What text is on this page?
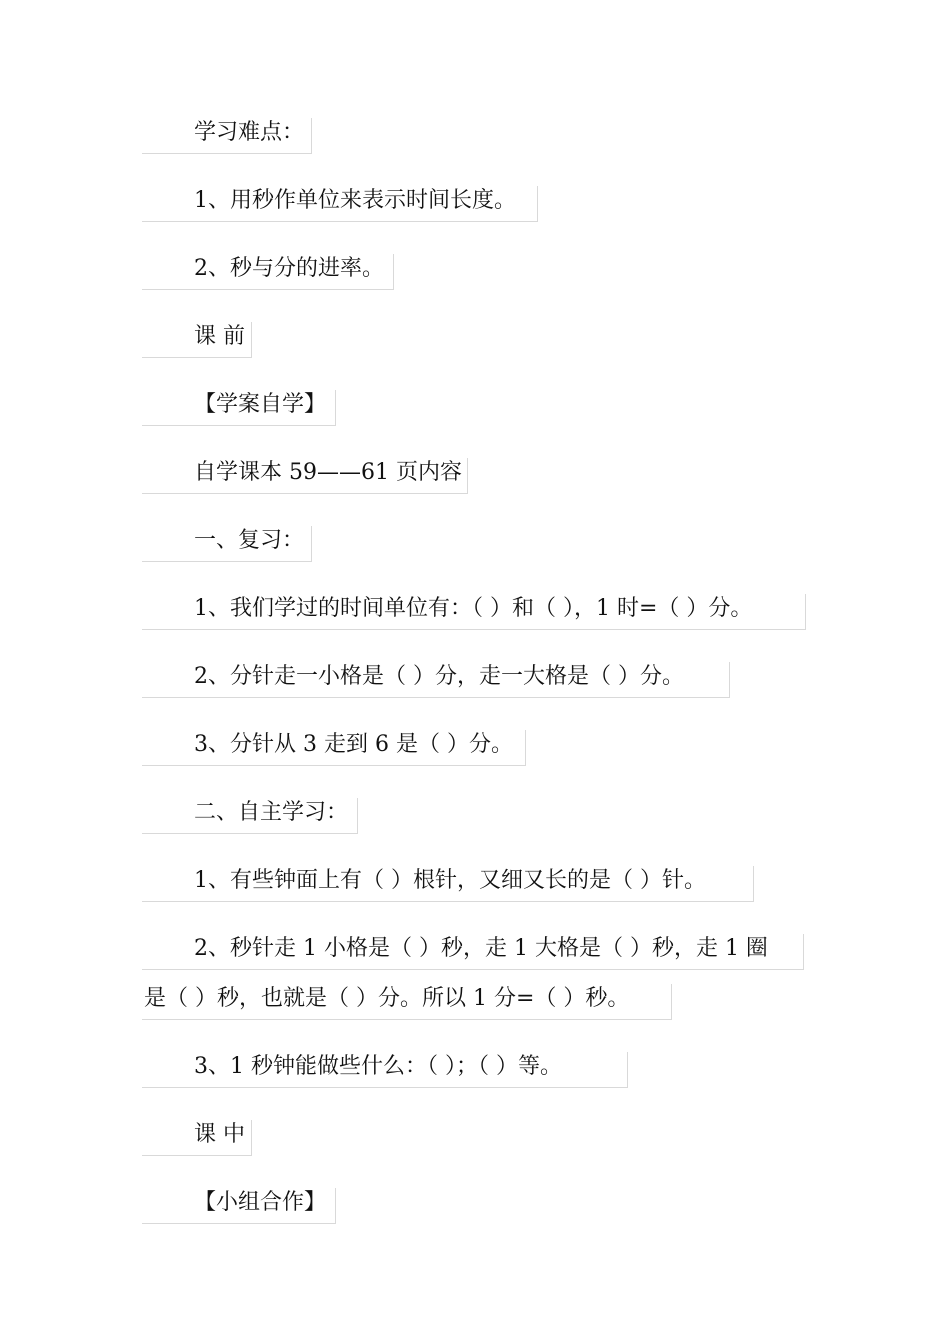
学习难点：
1、用秒作单位来表示时间长度。
2、秒与分的进率。
课 前
【学案自学】
自学课本 59——61 页内容
一、复习：
1、我们学过的时间单位有：（ ）和（ ），1 时=（ ）分。
2、分针走一小格是（ ）分，走一大格是（ ）分。
3、分针从 3 走到 6 是（ ）分。
二、自主学习：
1、有些钟面上有（ ）根针，又细又长的是（ ）针。
2、秒针走 1 小格是（ ）秒，走 1 大格是（ ）秒，走 1 圈
是（ ）秒，也就是（ ）分。所以 1 分=（ ）秒。
3、1 秒钟能做些什么：（ ）；（ ）等。
课 中
【小组合作】
